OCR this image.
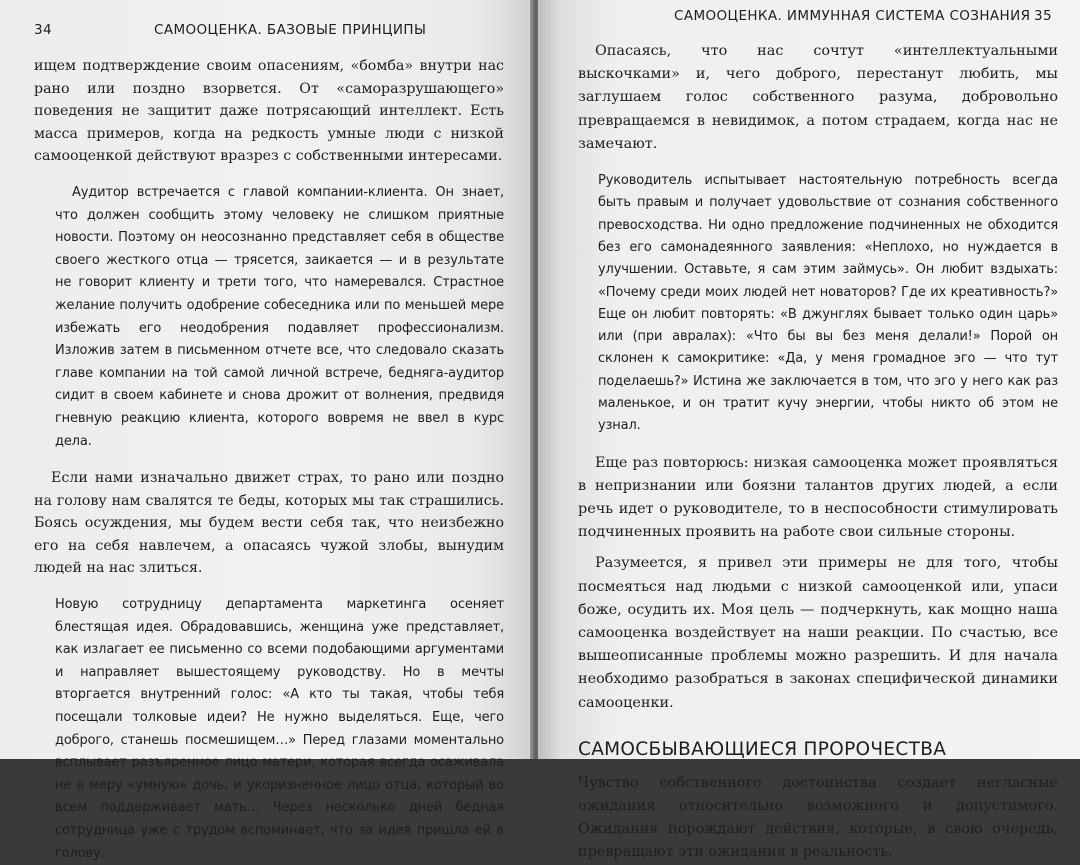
34	САМООЦЕНКА. БАЗОВЫЕ ПРИНЦИПЫ

ищем подтверждение своим опасениям, «бомба» внутри нас рано или поздно взорвется. От «саморазрушающего» поведения не защитит даже потрясающий интеллект. Есть масса примеров, когда на редкость умные люди с низкой самооценкой действуют вразрез с собственными интересами.

Аудитор встречается с главой компании-клиента. Он знает, что должен сообщить этому человеку не слишком приятные новости. Поэтому он неосознанно представляет себя в обществе своего жесткого отца — трясется, заикается — и в результате не говорит клиенту и трети того, что намеревался. Страстное желание получить одобрение собеседника или по меньшей мере избежать его неодобрения подавляет профессионализм. Изложив затем в письменном отчете все, что следовало сказать главе компании на той самой личной встрече, бедняга-аудитор сидит в своем кабинете и снова дрожит от волнения, предвидя гневную реакцию клиента, которого вовремя не ввел в курс дела.

Если нами изначально движет страх, то рано или поздно на голову нам свалятся те беды, которых мы так страшились. Боясь осуждения, мы будем вести себя так, что неизбежно его на себя навлечем, а опасаясь чужой злобы, вынудим людей на нас злиться.

Новую сотрудницу департамента маркетинга осеняет блестящая идея. Обрадовавшись, женщина уже представляет, как излагает ее письменно со всеми подобающими аргументами и направляет вышестоящему руководству. Но в мечты вторгается внутренний голос: «А кто ты такая, чтобы тебя посещали толковые идеи? Не нужно выделяться. Еще, чего доброго, станешь посмешищем…» Перед глазами моментально всплывает разъяренное лицо матери, которая всегда осаживала не в меру «умную» дочь, и укоризненное лицо отца, который во всем поддерживает мать… Через несколько дней бедная сотрудница уже с трудом вспоминает, что за идея пришла ей в голову.

САМООЦЕНКА. ИММУННАЯ СИСТЕМА СОЗНАНИЯ 35

Опасаясь, что нас сочтут «интеллектуальными выскочками» и, чего доброго, перестанут любить, мы заглушаем голос собственного разума, добровольно превращаемся в невидимок, а потом страдаем, когда нас не замечают.

Руководитель испытывает настоятельную потребность всегда быть правым и получает удовольствие от сознания собственного превосходства. Ни одно предложение подчиненных не обходится без его самонадеянного заявления: «Неплохо, но нуждается в улучшении. Оставьте, я сам этим займусь». Он любит вздыхать: «Почему среди моих людей нет новаторов? Где их креативность?» Еще он любит повторять: «В джунглях бывает только один царь» или (при авралах): «Что бы вы без меня делали!» Порой он склонен к самокритике: «Да, у меня громадное эго — что тут поделаешь?» Истина же заключается в том, что эго у него как раз маленькое, и он тратит кучу энергии, чтобы никто об этом не узнал.

Еще раз повторюсь: низкая самооценка может проявляться в непризнании или боязни талантов других людей, а если речь идет о руководителе, то в неспособности стимулировать подчиненных проявить на работе свои сильные стороны.

Разумеется, я привел эти примеры не для того, чтобы посмеяться над людьми с низкой самооценкой или, упаси боже, осудить их. Моя цель — подчеркнуть, как мощно наша самооценка воздействует на наши реакции. По счастью, все вышеописанные проблемы можно разрешить. И для начала необходимо разобраться в законах специфической динамики самооценки.

САМОСБЫВАЮЩИЕСЯ ПРОРОЧЕСТВА

Чувство собственного достоинства создает негласные ожидания относительно возможного и допустимого. Ожидания порождают действия, которые, в свою очередь, превращают эти ожидания в реальность.
